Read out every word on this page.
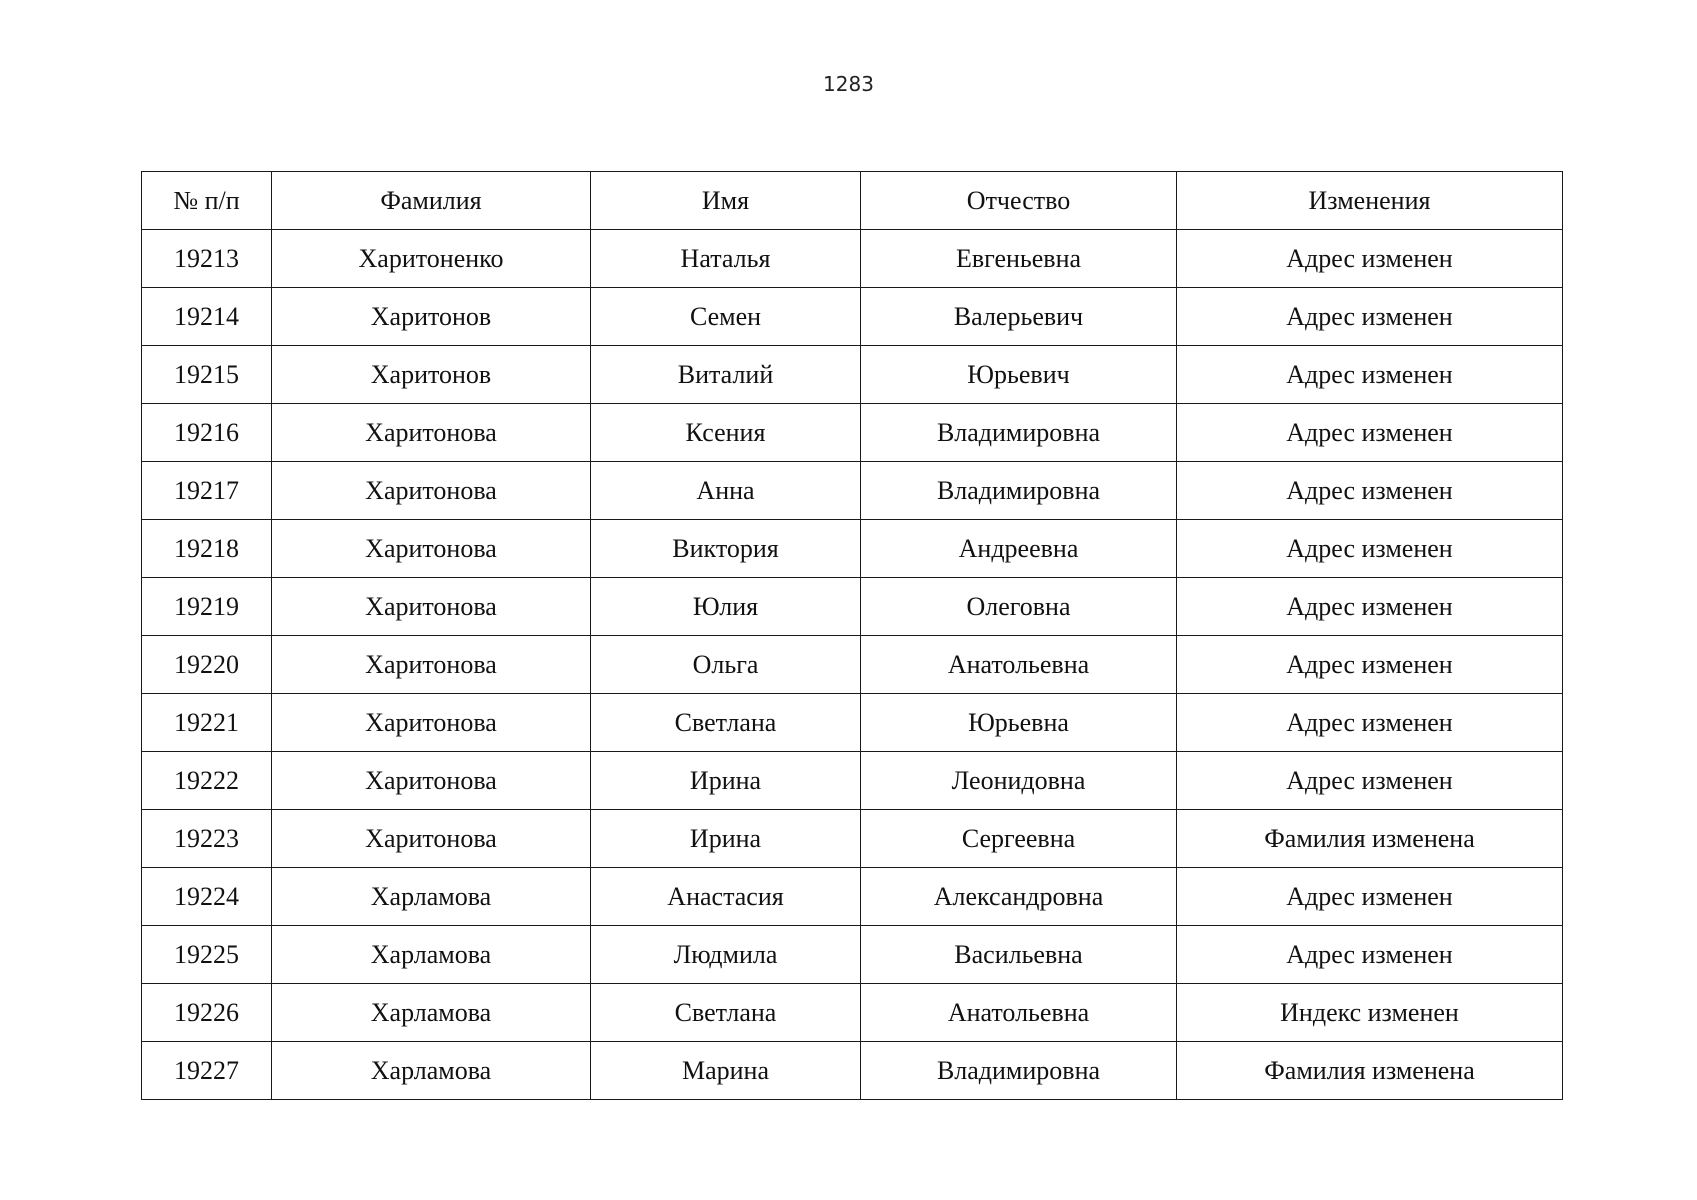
1283
№ п/п	Фамилия	Имя	Отчество	Изменения
19213	Харитоненко	Наталья	Евгеньевна	Адрес изменен
19214	Харитонов	Семен	Валерьевич	Адрес изменен
19215	Харитонов	Виталий	Юрьевич	Адрес изменен
19216	Харитонова	Ксения	Владимировна	Адрес изменен
19217	Харитонова	Анна	Владимировна	Адрес изменен
19218	Харитонова	Виктория	Андреевна	Адрес изменен
19219	Харитонова	Юлия	Олеговна	Адрес изменен
19220	Харитонова	Ольга	Анатольевна	Адрес изменен
19221	Харитонова	Светлана	Юрьевна	Адрес изменен
19222	Харитонова	Ирина	Леонидовна	Адрес изменен
19223	Харитонова	Ирина	Сергеевна	Фамилия изменена
19224	Харламова	Анастасия	Александровна	Адрес изменен
19225	Харламова	Людмила	Васильевна	Адрес изменен
19226	Харламова	Светлана	Анатольевна	Индекс изменен
19227	Харламова	Марина	Владимировна	Фамилия изменена
